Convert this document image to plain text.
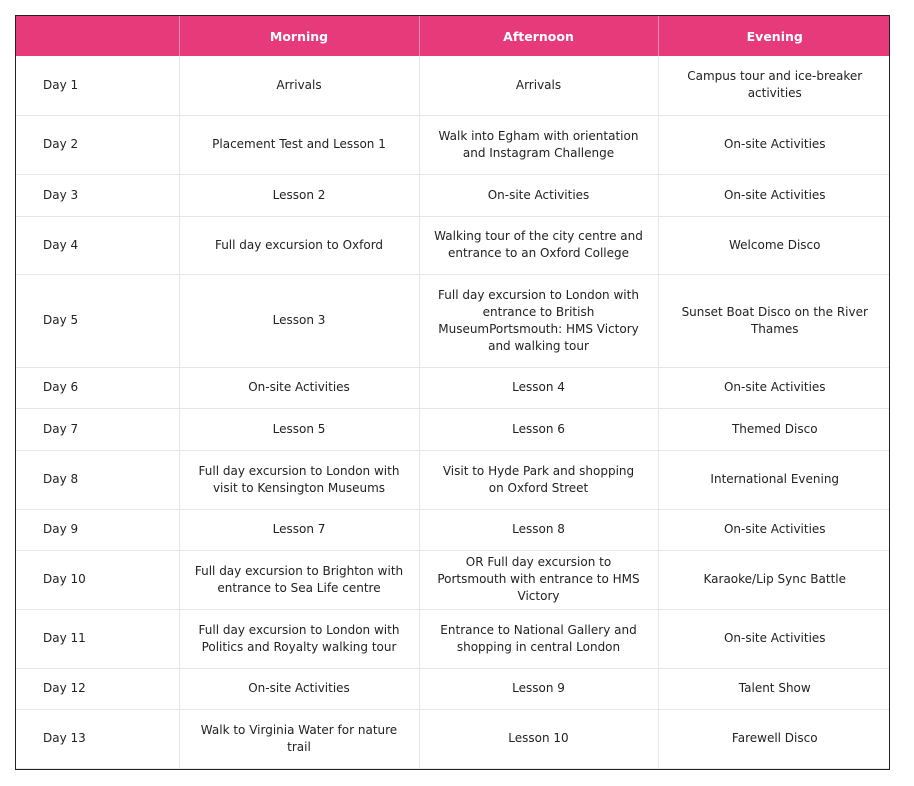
	Morning	Afternoon	Evening
Day 1	Arrivals	Arrivals	Campus tour and ice-breaker activities
Day 2	Placement Test and Lesson 1	Walk into Egham with orientation and Instagram Challenge	On-site Activities
Day 3	Lesson 2	On-site Activities	On-site Activities
Day 4	Full day excursion to Oxford	Walking tour of the city centre and entrance to an Oxford College	Welcome Disco
Day 5	Lesson 3	Full day excursion to London with entrance to British MuseumPortsmouth: HMS Victory and walking tour	Sunset Boat Disco on the River Thames
Day 6	On-site Activities	Lesson 4	On-site Activities
Day 7	Lesson 5	Lesson 6	Themed Disco
Day 8	Full day excursion to London with visit to Kensington Museums	Visit to Hyde Park and shopping on Oxford Street	International Evening
Day 9	Lesson 7	Lesson 8	On-site Activities
Day 10	Full day excursion to Brighton with entrance to Sea Life centre	OR Full day excursion to Portsmouth with entrance to HMS Victory	Karaoke/Lip Sync Battle
Day 11	Full day excursion to London with Politics and Royalty walking tour	Entrance to National Gallery and shopping in central London	On-site Activities
Day 12	On-site Activities	Lesson 9	Talent Show
Day 13	Walk to Virginia Water for nature trail	Lesson 10	Farewell Disco
